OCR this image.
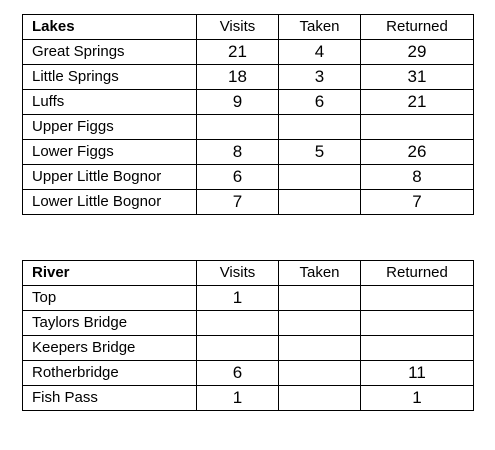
Lakes	Visits	Taken	Returned
Great Springs	21	4	29
Little Springs	18	3	31
Luffs	9	6	21
Upper Figgs			
Lower Figgs	8	5	26
Upper Little Bognor	6		8
Lower Little Bognor	7		7
River	Visits	Taken	Returned
Top	1		
Taylors Bridge			
Keepers Bridge			
Rotherbridge	6		11
Fish Pass	1		1
